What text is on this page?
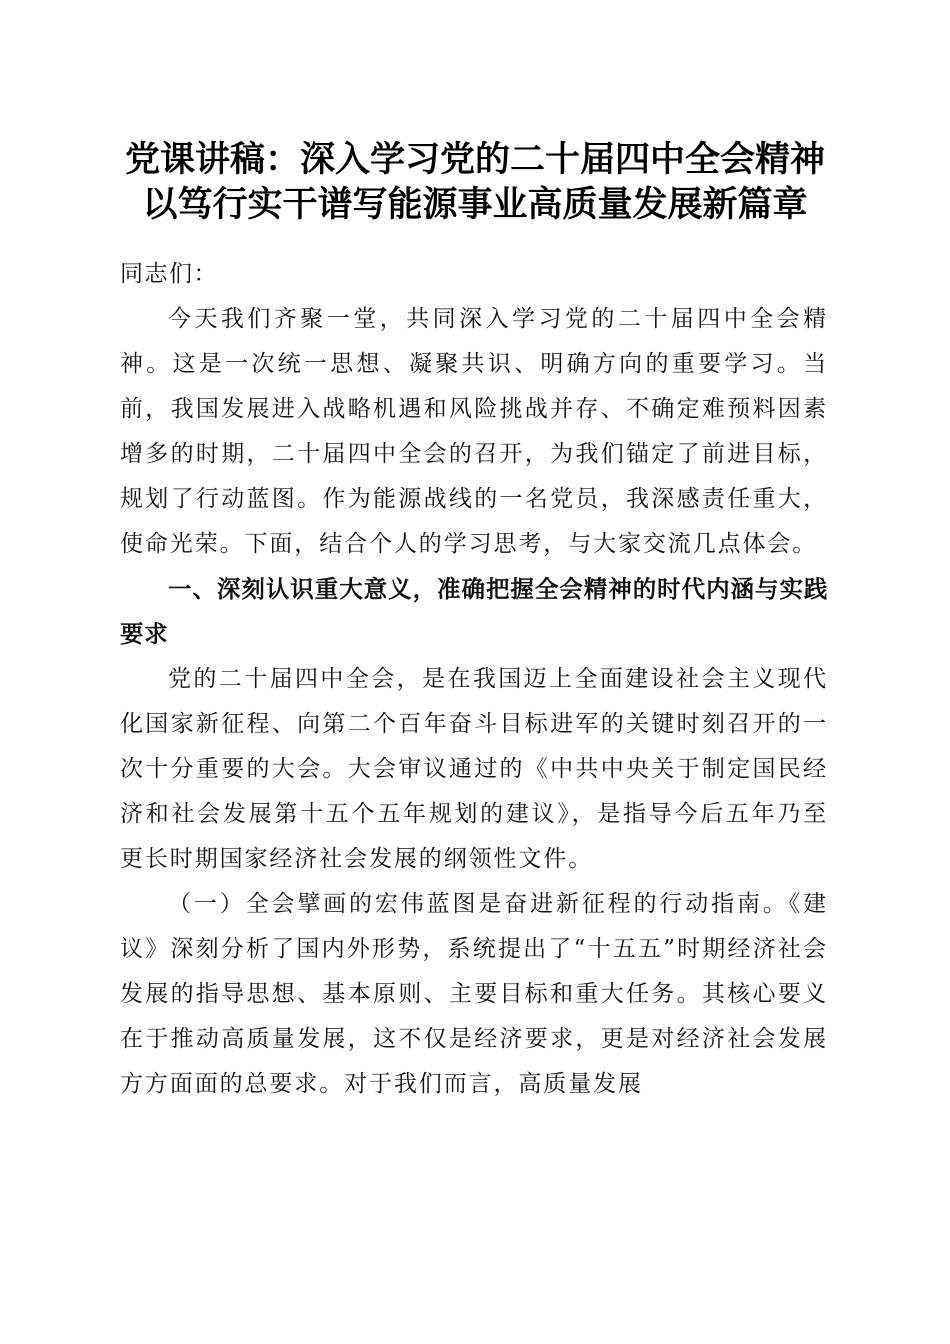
党课讲稿：深入学习党的二十届四中全会精神
以笃行实干谱写能源事业高质量发展新篇章

同志们：

今天我们齐聚一堂，共同深入学习党的二十届四中全会精神。这是一次统一思想、凝聚共识、明确方向的重要学习。当前，我国发展进入战略机遇和风险挑战并存、不确定难预料因素增多的时期，二十届四中全会的召开，为我们锚定了前进目标，规划了行动蓝图。作为能源战线的一名党员，我深感责任重大，使命光荣。下面，结合个人的学习思考，与大家交流几点体会。

一、深刻认识重大意义，准确把握全会精神的时代内涵与实践要求

党的二十届四中全会，是在我国迈上全面建设社会主义现代化国家新征程、向第二个百年奋斗目标进军的关键时刻召开的一次十分重要的大会。大会审议通过的《中共中央关于制定国民经济和社会发展第十五个五年规划的建议》，是指导今后五年乃至更长时期国家经济社会发展的纲领性文件。

（一）全会擘画的宏伟蓝图是奋进新征程的行动指南。《建议》深刻分析了国内外形势，系统提出了“十五五”时期经济社会发展的指导思想、基本原则、主要目标和重大任务。其核心要义在于推动高质量发展，这不仅是经济要求，更是对经济社会发展方方面面的总要求。对于我们而言，高质量发展
